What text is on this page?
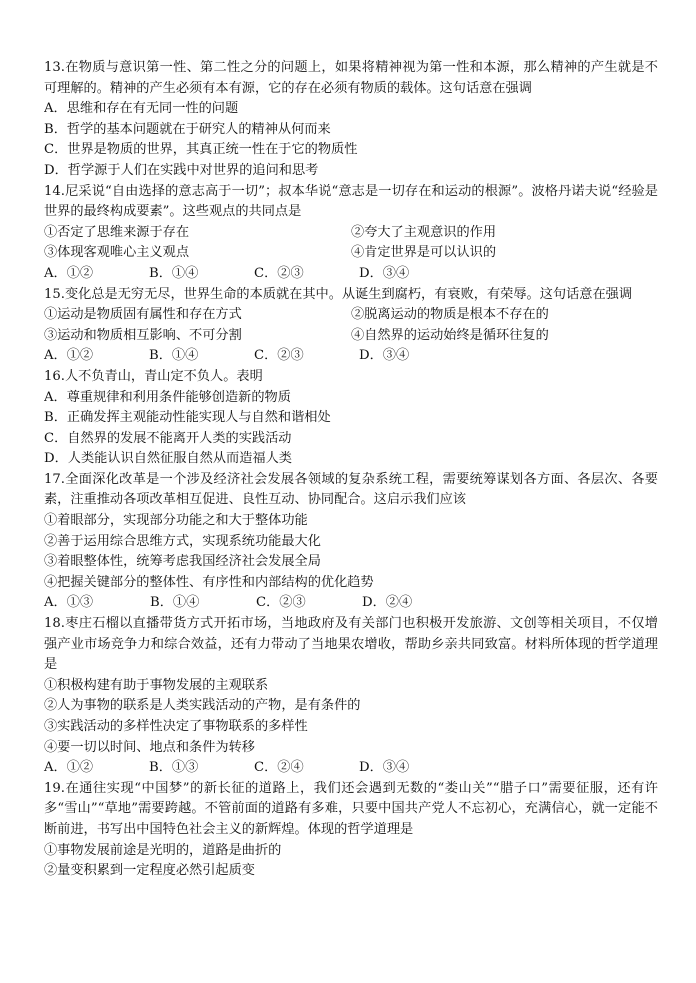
13.在物质与意识第一性、第二性之分的问题上，如果将精神视为第一性和本源，那么精神的产生就是不可理解的。精神的产生必须有本有源，它的存在必须有物质的载体。这句话意在强调
A．思维和存在有无同一性的问题
B．哲学的基本问题就在于研究人的精神从何而来
C．世界是物质的世界，其真正统一性在于它的物质性
D．哲学源于人们在实践中对世界的追问和思考
14.尼采说“自由选择的意志高于一切”；叔本华说“意志是一切存在和运动的根源”。波格丹诺夫说“经验是世界的最终构成要素”。这些观点的共同点是
①否定了思维来源于存在	②夸大了主观意识的作用
③体现客观唯心主义观点	④肯定世界是可以认识的
A．①②	B．①④	C．②③	D．③④
15.变化总是无穷无尽，世界生命的本质就在其中。从诞生到腐朽，有衰败，有荣辱。这句话意在强调
①运动是物质固有属性和存在方式	②脱离运动的物质是根本不存在的
③运动和物质相互影响、不可分割	④自然界的运动始终是循环往复的
A．①②	B．①④	C．②③	D．③④
16.人不负青山，青山定不负人。表明
A．尊重规律和利用条件能够创造新的物质
B．正确发挥主观能动性能实现人与自然和谐相处
C．自然界的发展不能离开人类的实践活动
D．人类能认识自然征服自然从而造福人类
17.全面深化改革是一个涉及经济社会发展各领域的复杂系统工程，需要统筹谋划各方面、各层次、各要素，注重推动各项改革相互促进、良性互动、协同配合。这启示我们应该
①着眼部分，实现部分功能之和大于整体功能
②善于运用综合思维方式，实现系统功能最大化
③着眼整体性，统筹考虑我国经济社会发展全局
④把握关键部分的整体性、有序性和内部结构的优化趋势
A．①③	B．①④	C．②③	D．②④
18.枣庄石榴以直播带货方式开拓市场，当地政府及有关部门也积极开发旅游、文创等相关项目，不仅增强产业市场竞争力和综合效益，还有力带动了当地果农增收，帮助乡亲共同致富。材料所体现的哲学道理是
①积极构建有助于事物发展的主观联系
②人为事物的联系是人类实践活动的产物，是有条件的
③实践活动的多样性决定了事物联系的多样性
④要一切以时间、地点和条件为转移
A．①②	B．①③	C．②④	D．③④
19.在通往实现“中国梦”的新长征的道路上，我们还会遇到无数的“娄山关”“腊子口”需要征服，还有许多“雪山”“草地”需要跨越。不管前面的道路有多难，只要中国共产党人不忘初心，充满信心，就一定能不断前进，书写出中国特色社会主义的新辉煌。体现的哲学道理是
①事物发展前途是光明的，道路是曲折的
②量变积累到一定程度必然引起质变
